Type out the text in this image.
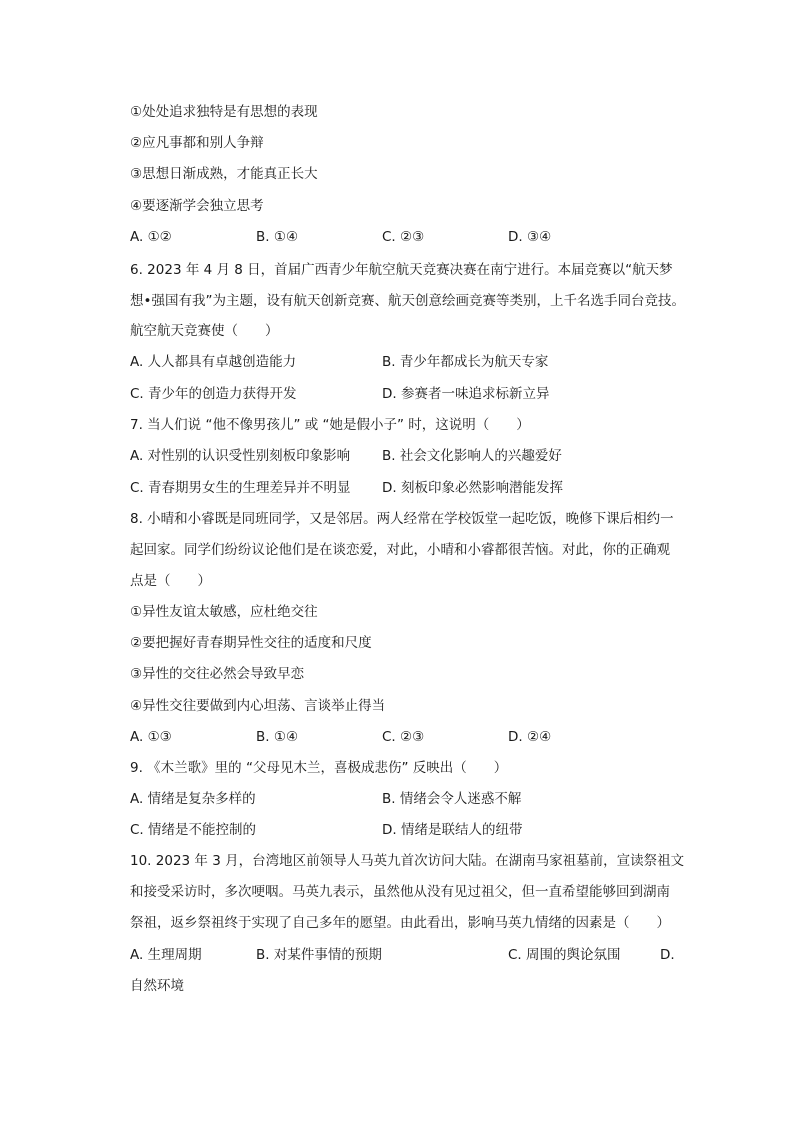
①处处追求独特是有思想的表现
②应凡事都和别人争辩
③思想日渐成熟，才能真正长大
④要逐渐学会独立思考
A. ①②	B. ①④	C. ②③	D. ③④
6. 2023 年 4 月 8 日，首届广西青少年航空航天竞赛决赛在南宁进行。本届竞赛以“航天梦
想•强国有我”为主题，设有航天创新竞赛、航天创意绘画竞赛等类别，上千名选手同台竞技。
航空航天竞赛使（　　）
A. 人人都具有卓越创造能力	B. 青少年都成长为航天专家
C. 青少年的创造力获得开发	D. 参赛者一味追求标新立异
7. 当人们说 “他不像男孩儿” 或 “她是假小子” 时，这说明（　　）
A. 对性别的认识受性别刻板印象影响 B. 社会文化影响人的兴趣爱好
C. 青春期男女生的生理差异并不明显 D. 刻板印象必然影响潜能发挥
8. 小晴和小睿既是同班同学，又是邻居。两人经常在学校饭堂一起吃饭，晚修下课后相约一
起回家。同学们纷纷议论他们是在谈恋爱，对此，小晴和小睿都很苦恼。对此，你的正确观
点是（　　）
①异性友谊太敏感，应杜绝交往
②要把握好青春期异性交往的适度和尺度
③异性的交往必然会导致早恋
④异性交往要做到内心坦荡、言谈举止得当
A. ①③	B. ①④	C. ②③	D. ②④
9. 《木兰歌》里的 “父母见木兰，喜极成悲伤” 反映出（　　）
A. 情绪是复杂多样的	B. 情绪会令人迷惑不解
C. 情绪是不能控制的	D. 情绪是联结人的纽带
10. 2023 年 3 月，台湾地区前领导人马英九首次访问大陆。在湖南马家祖墓前，宣读祭祖文
和接受采访时，多次哽咽。马英九表示，虽然他从没有见过祖父，但一直希望能够回到湖南
祭祖，返乡祭祖终于实现了自己多年的愿望。由此看出，影响马英九情绪的因素是（　　）
A. 生理周期	B. 对某件事情的预期	C. 周围的舆论氛围	D.
自然环境
